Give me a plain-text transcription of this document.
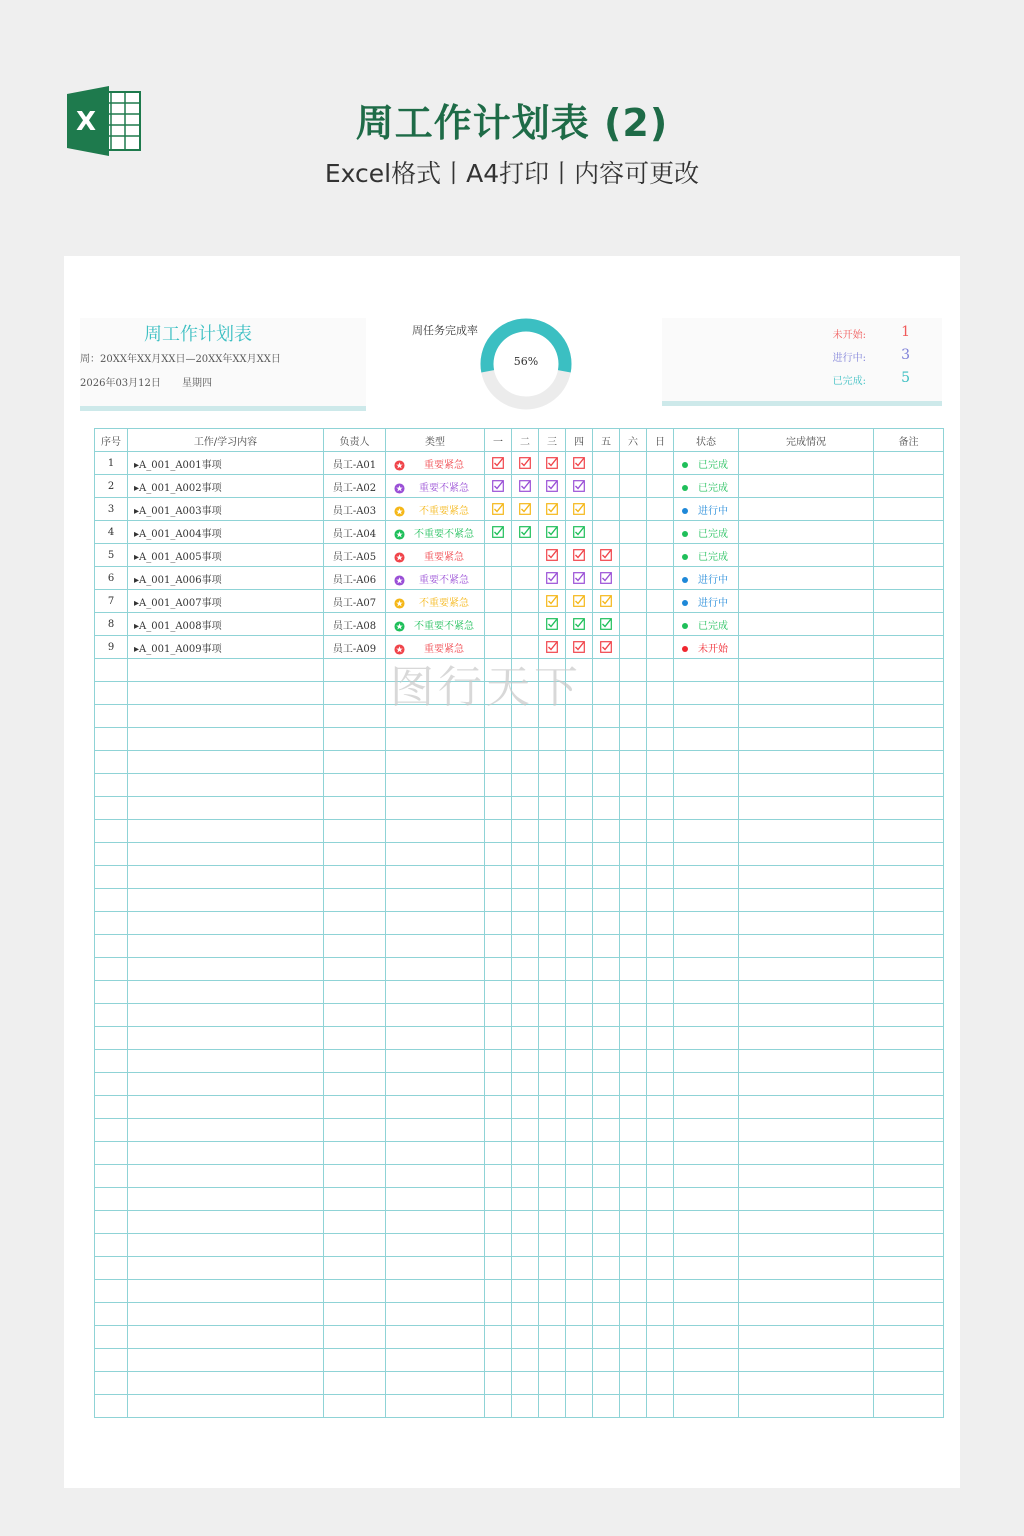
X	周工作计划表 (2)
Excel格式丨A4打印丨内容可更改
周工作计划表
周：20XX年XX月XX日—20XX年XX月XX日
2026年03月12日 星期四
周任务完成率
56%
未开始:	1
进行中:	3
已完成:	5
序号	工作/学习内容	负责人	类型	一	二	三	四	五	六	日	状态	完成情况	备注
1	▸A_001_A001事项	员工-A01	重要紧急								已完成		
2	▸A_001_A002事项	员工-A02	重要不紧急								已完成		
3	▸A_001_A003事项	员工-A03	不重要紧急								进行中		
4	▸A_001_A004事项	员工-A04	不重要不紧急								已完成		
5	▸A_001_A005事项	员工-A05	重要紧急								已完成		
6	▸A_001_A006事项	员工-A06	重要不紧急								进行中		
7	▸A_001_A007事项	员工-A07	不重要紧急								进行中		
8	▸A_001_A008事项	员工-A08	不重要不紧急								已完成		
9	▸A_001_A009事项	员工-A09	重要紧急								未开始		

图行天下
